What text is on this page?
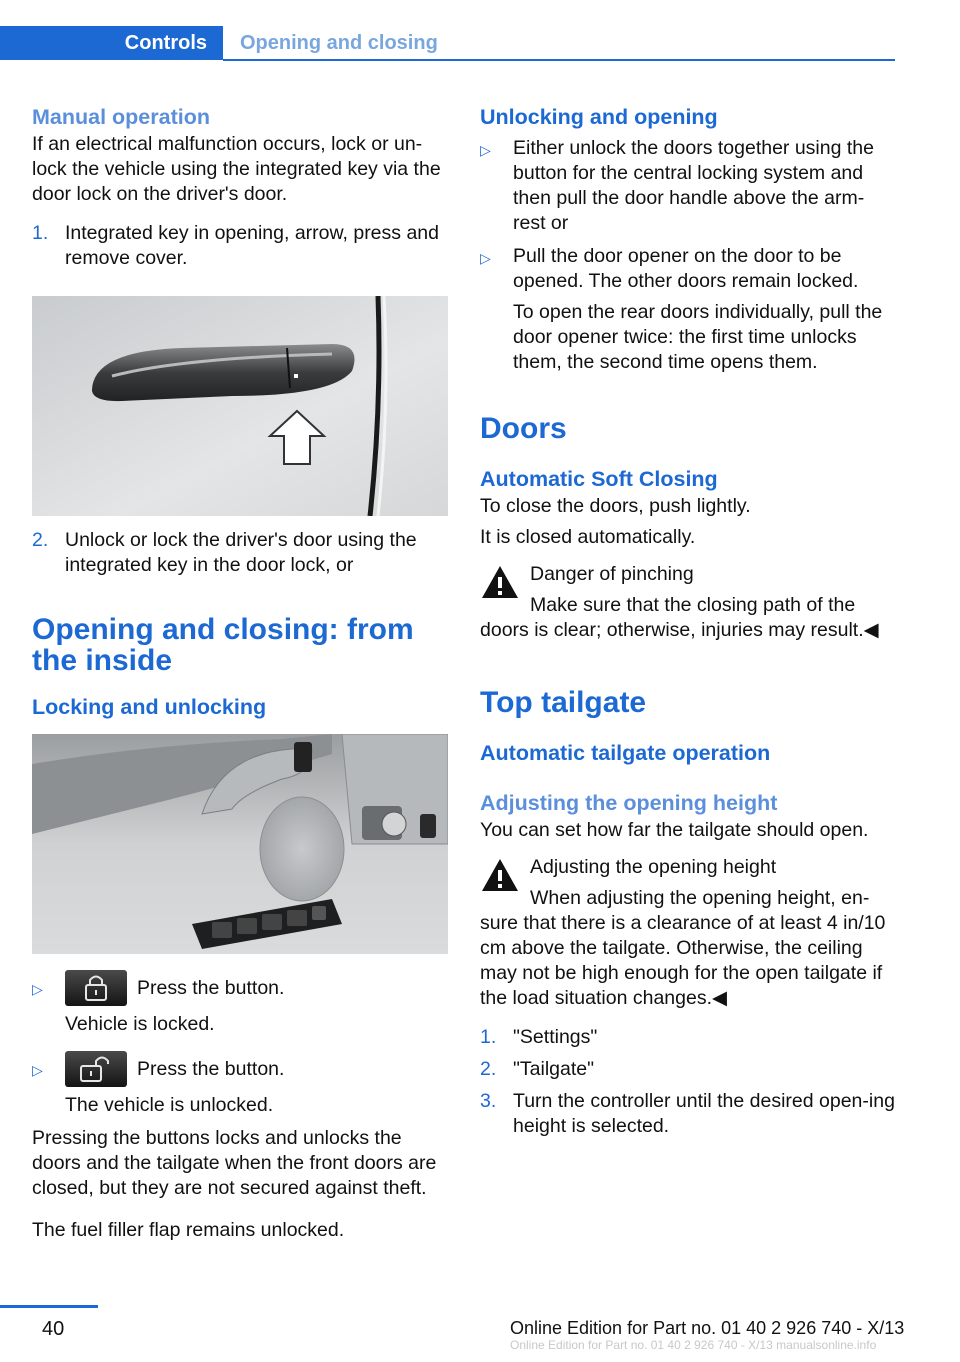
Controls	Opening and closing
Manual operation

If an electrical malfunction occurs, lock or un-lock the vehicle using the integrated key via the door lock on the driver's door.

1. Integrated key in opening, arrow, press and remove cover.
2. Unlock or lock the driver's door using the integrated key in the door lock, or
Opening and closing: from the inside
Locking and unlocking
▷	Press the button.

Vehicle is locked.

▷	Press the button.

The vehicle is unlocked.

Pressing the buttons locks and unlocks the doors and the tailgate when the front doors are closed, but they are not secured against theft.

The fuel filler flap remains unlocked.

Unlocking and opening
▷	Either unlock the doors together using the button for the central locking system and then pull the door handle above the arm-rest or
▷	Pull the door opener on the door to be opened. The other doors remain locked.

To open the rear doors individually, pull the door opener twice: the first time unlocks them, the second time opens them.

Doors
Automatic Soft Closing

To close the doors, push lightly.

It is closed automatically.

Danger of pinching

Make sure that the closing path of the doors is clear; otherwise, injuries may result.◀

Top tailgate
Automatic tailgate operation
Adjusting the opening height

You can set how far the tailgate should open.

Adjusting the opening height

When adjusting the opening height, en-sure that there is a clearance of at least 4 in/10 cm above the tailgate. Otherwise, the ceiling may not be high enough for the open tailgate if the load situation changes.◀

1. "Settings"
2. "Tailgate"
3. Turn the controller until the desired open-ing height is selected.
40	Online Edition for Part no. 01 40 2 926 740 - X/13
Online Edition for Part no. 01 40 2 926 740 - X/13 manualsonline.info
